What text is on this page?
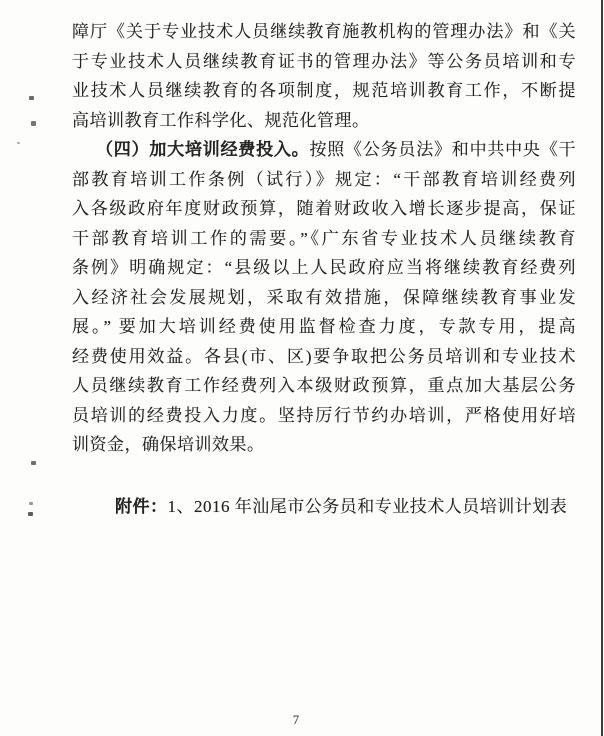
障厅《关于专业技术人员继续教育施教机构的管理办法》和《关
于专业技术人员继续教育证书的管理办法》等公务员培训和专
业技术人员继续教育的各项制度，规范培训教育工作，不断提
高培训教育工作科学化、规范化管理。
（四）加大培训经费投入。按照《公务员法》和中共中央《干
部教育培训工作条例（试行）》规定：“干部教育培训经费列
入各级政府年度财政预算，随着财政收入增长逐步提高，保证
干部教育培训工作的需要。”《广东省专业技术人员继续教育
条例》明确规定：“县级以上人民政府应当将继续教育经费列
入经济社会发展规划，采取有效措施，保障继续教育事业发
展。” 要加大培训经费使用监督检查力度，专款专用，提高
经费使用效益。各县(市、区)要争取把公务员培训和专业技术
人员继续教育工作经费列入本级财政预算，重点加大基层公务
员培训的经费投入力度。坚持厉行节约办培训，严格使用好培
训资金，确保培训效果。
附件：1、2016 年汕尾市公务员和专业技术人员培训计划表
7
